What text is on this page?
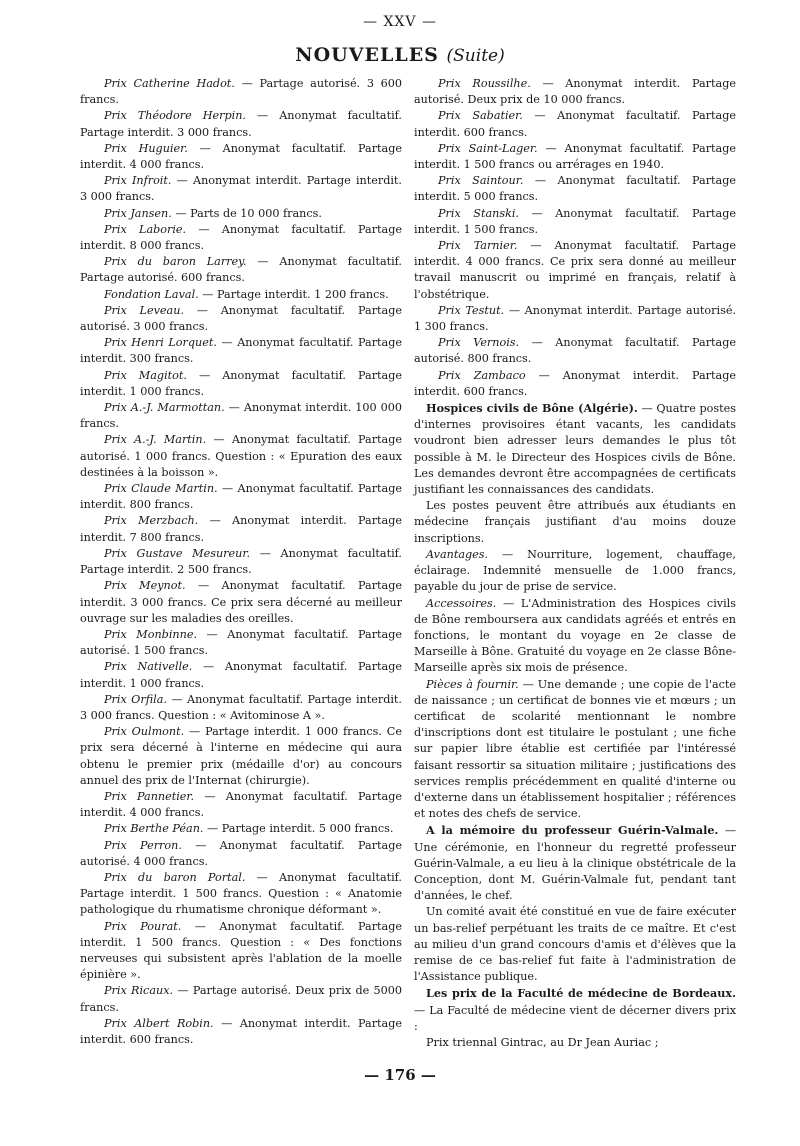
— XXV —
NOUVELLES (Suite)

Prix Catherine Hadot. — Partage autorisé. 3 600 francs.

Prix Théodore Herpin. — Anonymat facultatif. Partage interdit. 3 000 francs.

Prix Huguier. — Anonymat facultatif. Partage interdit. 4 000 francs.

Prix Infroit. — Anonymat interdit. Partage interdit. 3 000 francs.

Prix Jansen. — Parts de 10 000 francs.

Prix Laborie. — Anonymat facultatif. Partage interdit. 8 000 francs.

Prix du baron Larrey. — Anonymat facultatif. Partage autorisé. 600 francs.

Fondation Laval. — Partage interdit. 1 200 francs.

Prix Leveau. — Anonymat facultatif. Partage autorisé. 3 000 francs.

Prix Henri Lorquet. — Anonymat facultatif. Partage interdit. 300 francs.

Prix Magitot. — Anonymat facultatif. Partage interdit. 1 000 francs.

Prix A.-J. Marmottan. — Anonymat interdit. 100 000 francs.

Prix A.-J. Martin. — Anonymat facultatif. Partage autorisé. 1 000 francs. Question : « Epuration des eaux destinées à la boisson ».

Prix Claude Martin. — Anonymat facultatif. Partage interdit. 800 francs.

Prix Merzbach. — Anonymat interdit. Partage interdit. 7 800 francs.

Prix Gustave Mesureur. — Anonymat facultatif. Partage interdit. 2 500 francs.

Prix Meynot. — Anonymat facultatif. Partage interdit. 3 000 francs. Ce prix sera décerné au meilleur ouvrage sur les maladies des oreilles.

Prix Monbinne. — Anonymat facultatif. Partage autorisé. 1 500 francs.

Prix Nativelle. — Anonymat facultatif. Partage interdit. 1 000 francs.

Prix Orfila. — Anonymat facultatif. Partage interdit. 3 000 francs. Question : « Avitominose A ».

Prix Oulmont. — Partage interdit. 1 000 francs. Ce prix sera décerné à l'interne en médecine qui aura obtenu le premier prix (médaille d'or) au concours annuel des prix de l'Internat (chirurgie).

Prix Pannetier. — Anonymat facultatif. Partage interdit. 4 000 francs.

Prix Berthe Péan. — Partage interdit. 5 000 francs.

Prix Perron. — Anonymat facultatif. Partage autorisé. 4 000 francs.

Prix du baron Portal. — Anonymat facultatif. Partage interdit. 1 500 francs. Question : « Anatomie pathologique du rhumatisme chronique déformant ».

Prix Pourat. — Anonymat facultatif. Partage interdit. 1 500 francs. Question : « Des fonctions nerveuses qui subsistent après l'ablation de la moelle épinière ».

Prix Ricaux. — Partage autorisé. Deux prix de 5000 francs.

Prix Albert Robin. — Anonymat interdit. Partage interdit. 600 francs.

Prix Roussilhe. — Anonymat interdit. Partage autorisé. Deux prix de 10 000 francs.

Prix Sabatier. — Anonymat facultatif. Partage interdit. 600 francs.

Prix Saint-Lager. — Anonymat facultatif. Partage interdit. 1 500 francs ou arrérages en 1940.

Prix Saintour. — Anonymat facultatif. Partage interdit. 5 000 francs.

Prix Stanski. — Anonymat facultatif. Partage interdit. 1 500 francs.

Prix Tarnier. — Anonymat facultatif. Partage interdit. 4 000 francs. Ce prix sera donné au meilleur travail manuscrit ou imprimé en français, relatif à l'obstétrique.

Prix Testut. — Anonymat interdit. Partage autorisé. 1 300 francs.

Prix Vernois. — Anonymat facultatif. Partage autorisé. 800 francs.

Prix Zambaco — Anonymat interdit. Partage interdit. 600 francs.

Hospices civils de Bône (Algérie). — Quatre postes d'internes provisoires étant vacants, les candidats voudront bien adresser leurs demandes le plus tôt possible à M. le Directeur des Hospices civils de Bône. Les demandes devront être accompagnées de certificats justifiant les connaissances des candidats.

Les postes peuvent être attribués aux étudiants en médecine français justifiant d'au moins douze inscriptions.

Avantages. — Nourriture, logement, chauffage, éclairage. Indemnité mensuelle de 1.000 francs, payable du jour de prise de service.

Accessoires. — L'Administration des Hospices civils de Bône remboursera aux candidats agréés et entrés en fonctions, le montant du voyage en 2e classe de Marseille à Bône. Gratuité du voyage en 2e classe Bône-Marseille après six mois de présence.

Pièces à fournir. — Une demande ; une copie de l'acte de naissance ; un certificat de bonnes vie et mœurs ; un certificat de scolarité mentionnant le nombre d'inscriptions dont est titulaire le postulant ; une fiche sur papier libre établie est certifiée par l'intéressé faisant ressortir sa situation militaire ; justifications des services remplis précédemment en qualité d'interne ou d'externe dans un établissement hospitalier ; références et notes des chefs de service.

A la mémoire du professeur Guérin-Valmale. — Une cérémonie, en l'honneur du regretté professeur Guérin-Valmale, a eu lieu à la clinique obstétricale de la Conception, dont M. Guérin-Valmale fut, pendant tant d'années, le chef.

Un comité avait été constitué en vue de faire exécuter un bas-relief perpétuant les traits de ce maître. Et c'est au milieu d'un grand concours d'amis et d'élèves que la remise de ce bas-relief fut faite à l'administration de l'Assistance publique.

Les prix de la Faculté de médecine de Bordeaux. — La Faculté de médecine vient de décerner divers prix :

Prix triennal Gintrac, au Dr Jean Auriac ;

— 176 —
